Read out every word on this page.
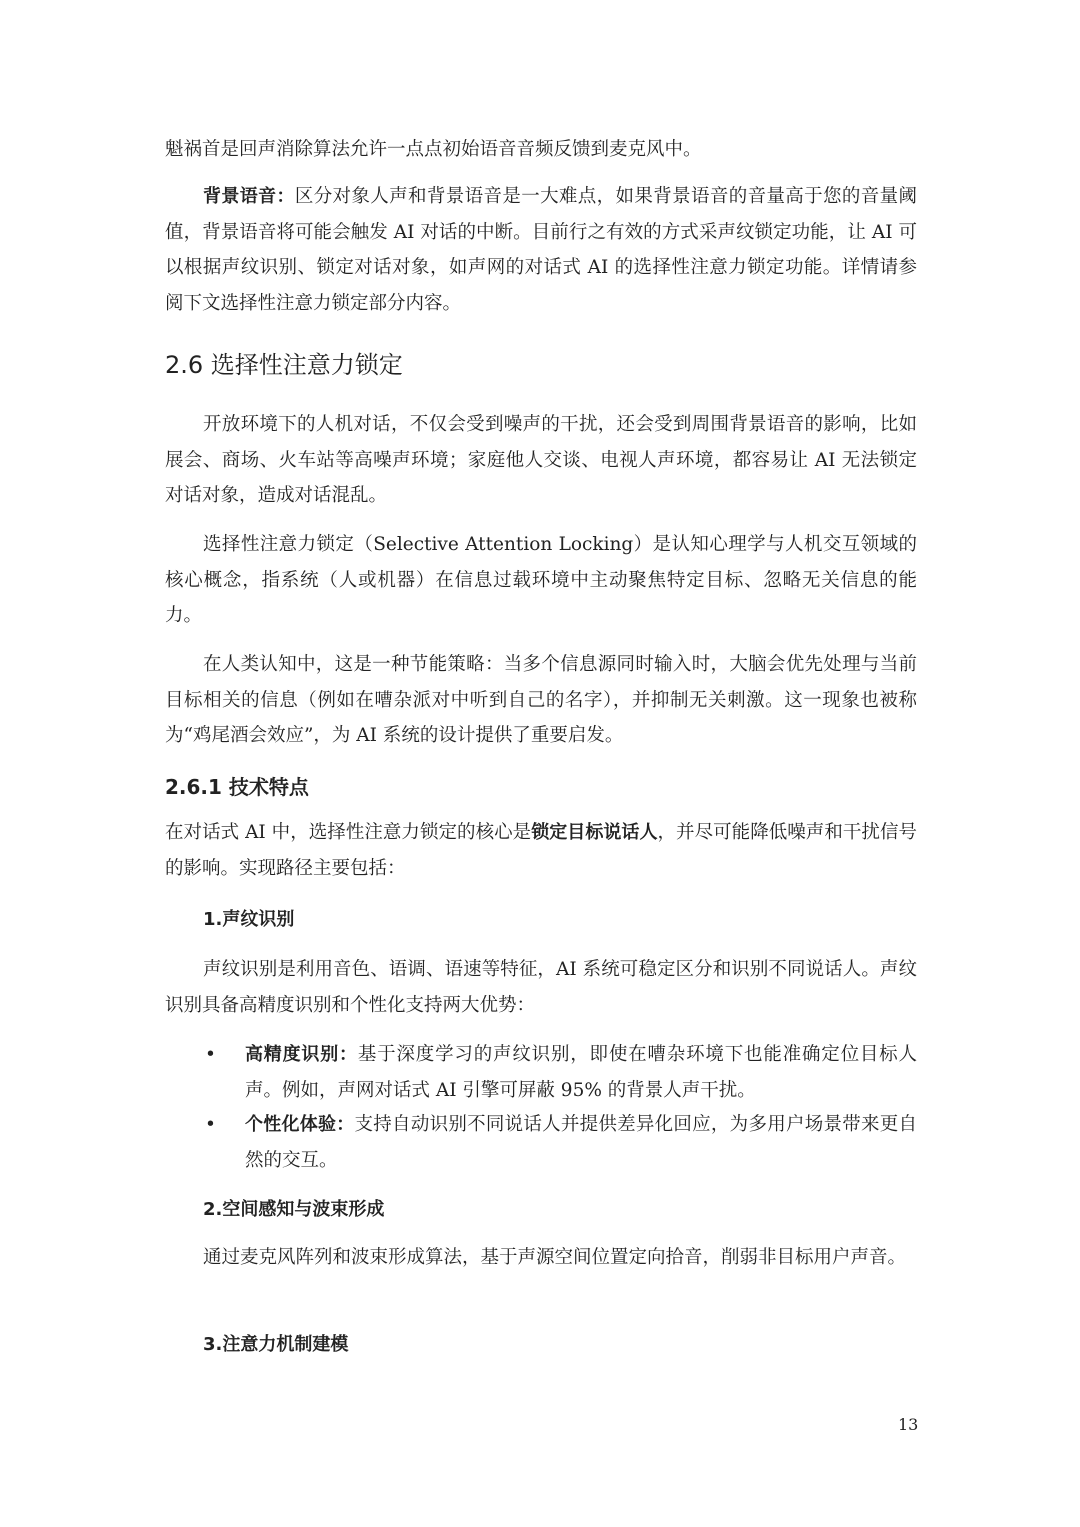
魁祸首是回声消除算法允许一点点初始语音音频反馈到麦克风中。
背景语音：区分对象人声和背景语音是一大难点，如果背景语音的音量高于您的音量阈值，背景语音将可能会触发 AI 对话的中断。目前行之有效的方式采声纹锁定功能，让 AI 可以根据声纹识别、锁定对话对象，如声网的对话式 AI 的选择性注意力锁定功能。详情请参阅下文选择性注意力锁定部分内容。
2.6 选择性注意力锁定
开放环境下的人机对话，不仅会受到噪声的干扰，还会受到周围背景语音的影响，比如展会、商场、火车站等高噪声环境；家庭他人交谈、电视人声环境，都容易让 AI 无法锁定对话对象，造成对话混乱。
选择性注意力锁定（Selective Attention Locking）是认知心理学与人机交互领域的核心概念，指系统（人或机器）在信息过载环境中主动聚焦特定目标、忽略无关信息的能力。
在人类认知中，这是一种节能策略：当多个信息源同时输入时，大脑会优先处理与当前目标相关的信息（例如在嘈杂派对中听到自己的名字），并抑制无关刺激。这一现象也被称为“鸡尾酒会效应”，为 AI 系统的设计提供了重要启发。
2.6.1 技术特点
在对话式 AI 中，选择性注意力锁定的核心是锁定目标说话人，并尽可能降低噪声和干扰信号的影响。实现路径主要包括：
1.声纹识别
声纹识别是利用音色、语调、语速等特征，AI 系统可稳定区分和识别不同说话人。声纹识别具备高精度识别和个性化支持两大优势：
• 高精度识别：基于深度学习的声纹识别，即使在嘈杂环境下也能准确定位目标人声。例如，声网对话式 AI 引擎可屏蔽 95% 的背景人声干扰。
• 个性化体验：支持自动识别不同说话人并提供差异化回应，为多用户场景带来更自然的交互。
2.空间感知与波束形成
通过麦克风阵列和波束形成算法，基于声源空间位置定向拾音，削弱非目标用户声音。
3.注意力机制建模
13
